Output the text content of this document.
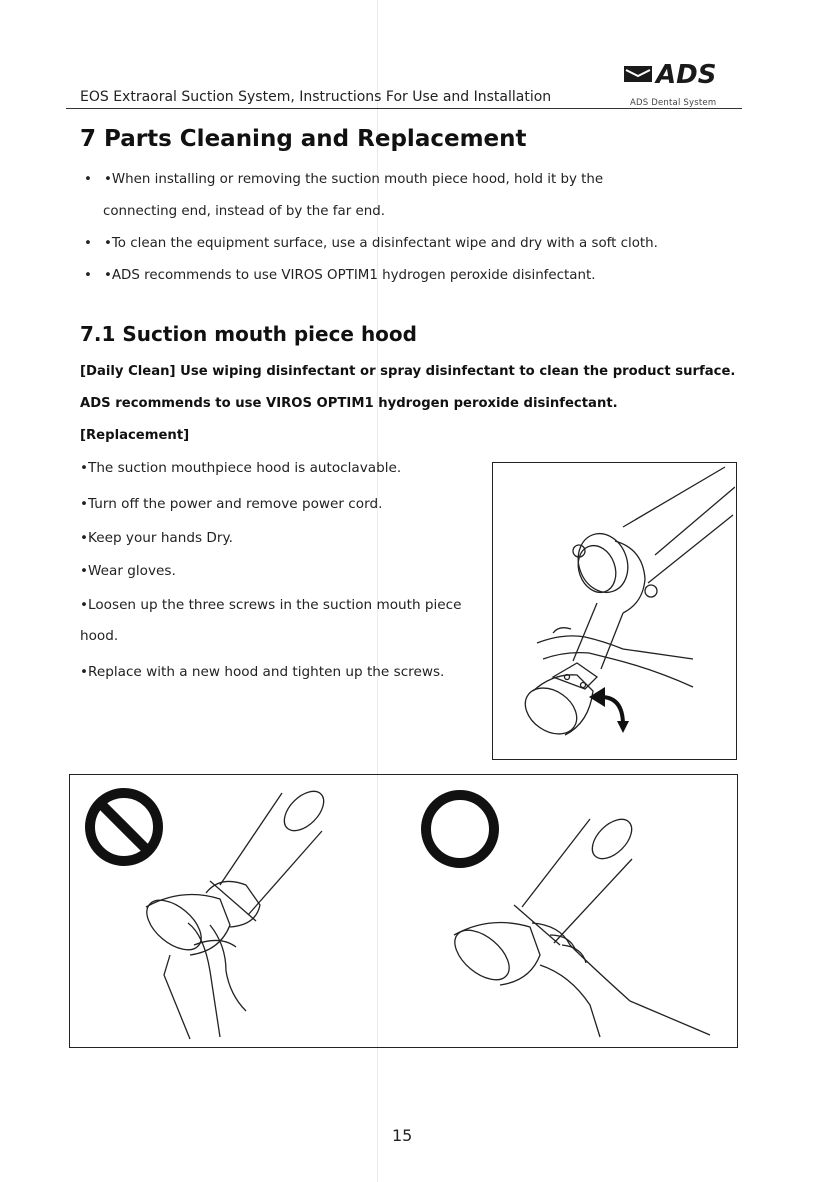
ADS
ADS Dental System
EOS Extraoral Suction System, Instructions For Use and Installation
7 Parts Cleaning and Replacement
• •When installing or removing the suction mouth piece hood, hold it by the
connecting end, instead of by the far end.
• •To clean the equipment surface, use a disinfectant wipe and dry with a soft cloth.
• •ADS recommends to use VIROS OPTIM1 hydrogen peroxide disinfectant.
7.1 Suction mouth piece hood
[Daily Clean] Use wiping disinfectant or spray disinfectant to clean the product surface.
ADS recommends to use VIROS OPTIM1 hydrogen peroxide disinfectant.
[Replacement]
•The suction mouthpiece hood is autoclavable.
•Turn off the power and remove power cord.
•Keep your hands Dry.
•Wear gloves.
•Loosen up the three screws in the suction mouth piece
hood.
•Replace with a new hood and tighten up the screws.
15
